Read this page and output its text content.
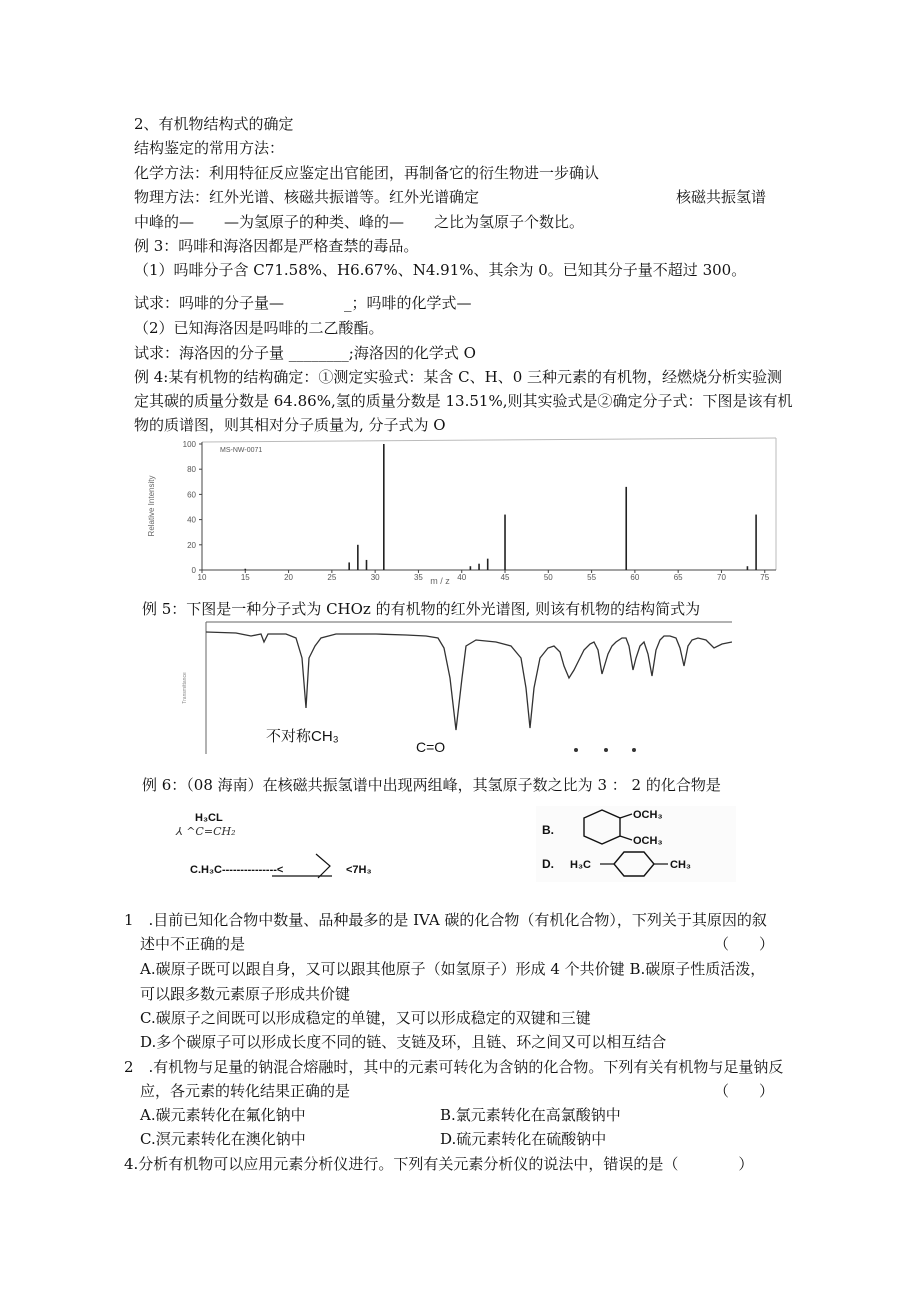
2、有机物结构式的确定
结构鉴定的常用方法：
化学方法：利用特征反应鉴定出官能团，再制备它的衍生物进一步确认
物理方法：红外光谱、核磁共振谱等。红外光谱确定	核磁共振氢谱
中峰的—　　—为氢原子的种类、峰的—　　之比为氢原子个数比。
例 3：吗啡和海洛因都是严格查禁的毒品。
（1）吗啡分子含 C71.58%、H6.67%、N4.91%、其余为 0。已知其分子量不超过 300。
试求：吗啡的分子量—　　　　_；吗啡的化学式—
（2）已知海洛因是吗啡的二乙酸酯。
试求：海洛因的分子量 ________;海洛因的化学式 O
例 4:某有机物的结构确定：①测定实验式：某含 C、H、0 三种元素的有机物，经燃烧分析实验测
定其碳的质量分数是 64.86%,氢的质量分数是 13.51%,则其实验式是②确定分子式：下图是该有机
物的质谱图，则其相对分子质量为, 分子式为 O
MS-NW-0071
Relative Intensity
m / z
100
80
60
40
20
0
10	15	20	25	30	35	40	45	50	55	60	65	70	75
例 5：下图是一种分子式为 CHOz 的有机物的红外光谱图, 则该有机物的结构简式为
Transmittance
不对称CH₃
C=O
例 6：（08 海南）在核磁共振氢谱中出现两组峰，其氢原子数之比为 3 ： 2 的化合物是
H₃CL
⅄ ^C=CH₂
C.H₃C---------------<	<7H₃
B.
OCH₃
OCH₃
D. H₃C	CH₃
1　.目前已知化合物中数量、品种最多的是 IVA 碳的化合物（有机化合物），下列关于其原因的叙
述中不正确的是	（　　）
A.碳原子既可以跟自身，又可以跟其他原子（如氢原子）形成 4 个共价键 B.碳原子性质活泼，
可以跟多数元素原子形成共价键
C.碳原子之间既可以形成稳定的单键，又可以形成稳定的双键和三键
D.多个碳原子可以形成长度不同的链、支链及环，且链、环之间又可以相互结合
2　.有机物与足量的钠混合熔融时，其中的元素可转化为含钠的化合物。下列有关有机物与足量钠反
应，各元素的转化结果正确的是	（　　）
A.碳元素转化在氟化钠中	B.氯元素转化在高氯酸钠中
C.溟元素转化在澳化钠中	D.硫元素转化在硫酸钠中
4.分析有机物可以应用元素分析仪进行。下列有关元素分析仪的说法中，错误的是（　　　　）
